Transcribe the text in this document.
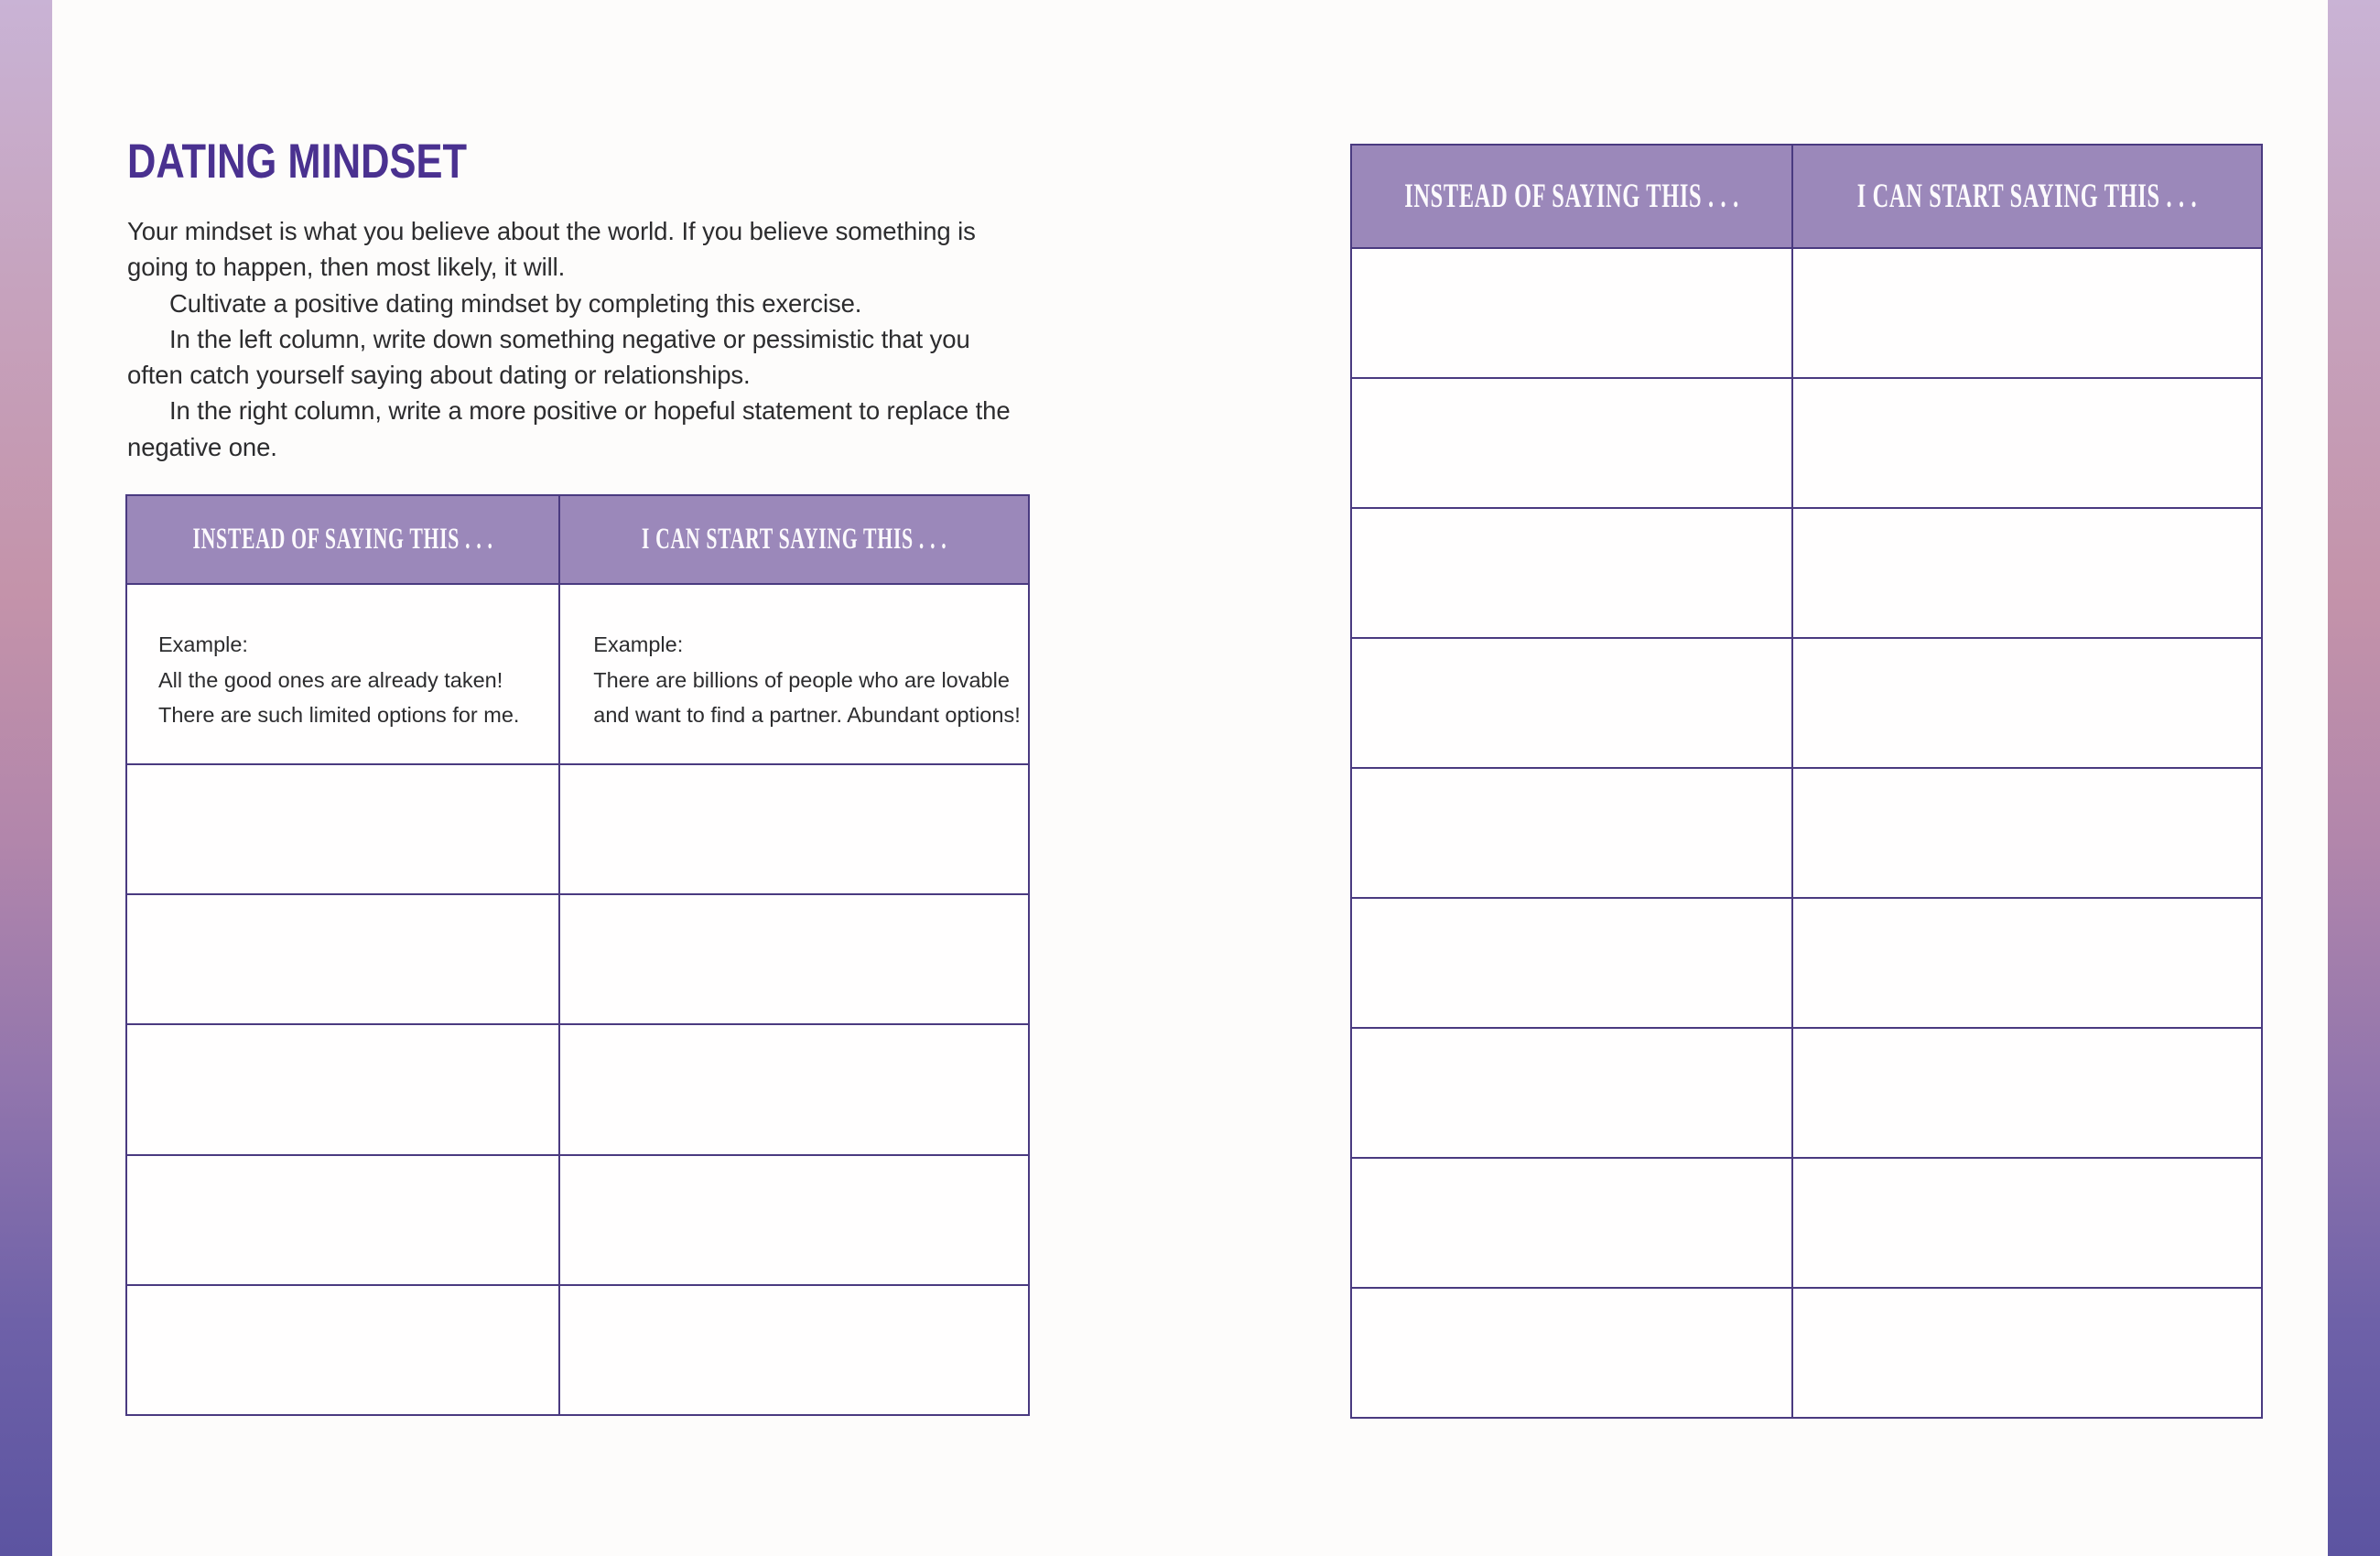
DATING MINDSET
Your mindset is what you believe about the world. If you believe something is
going to happen, then most likely, it will.
Cultivate a positive dating mindset by completing this exercise.
In the left column, write down something negative or pessimistic that you
often catch yourself saying about dating or relationships.
In the right column, write a more positive or hopeful statement to replace the
negative one.
INSTEAD OF SAYING THIS . . .	I CAN START SAYING THIS . . .
Example:
All the good ones are already taken!
There are such limited options for me.
Example:
There are billions of people who are lovable
and want to find a partner. Abundant options!
INSTEAD OF SAYING THIS . . .	I CAN START SAYING THIS . . .
